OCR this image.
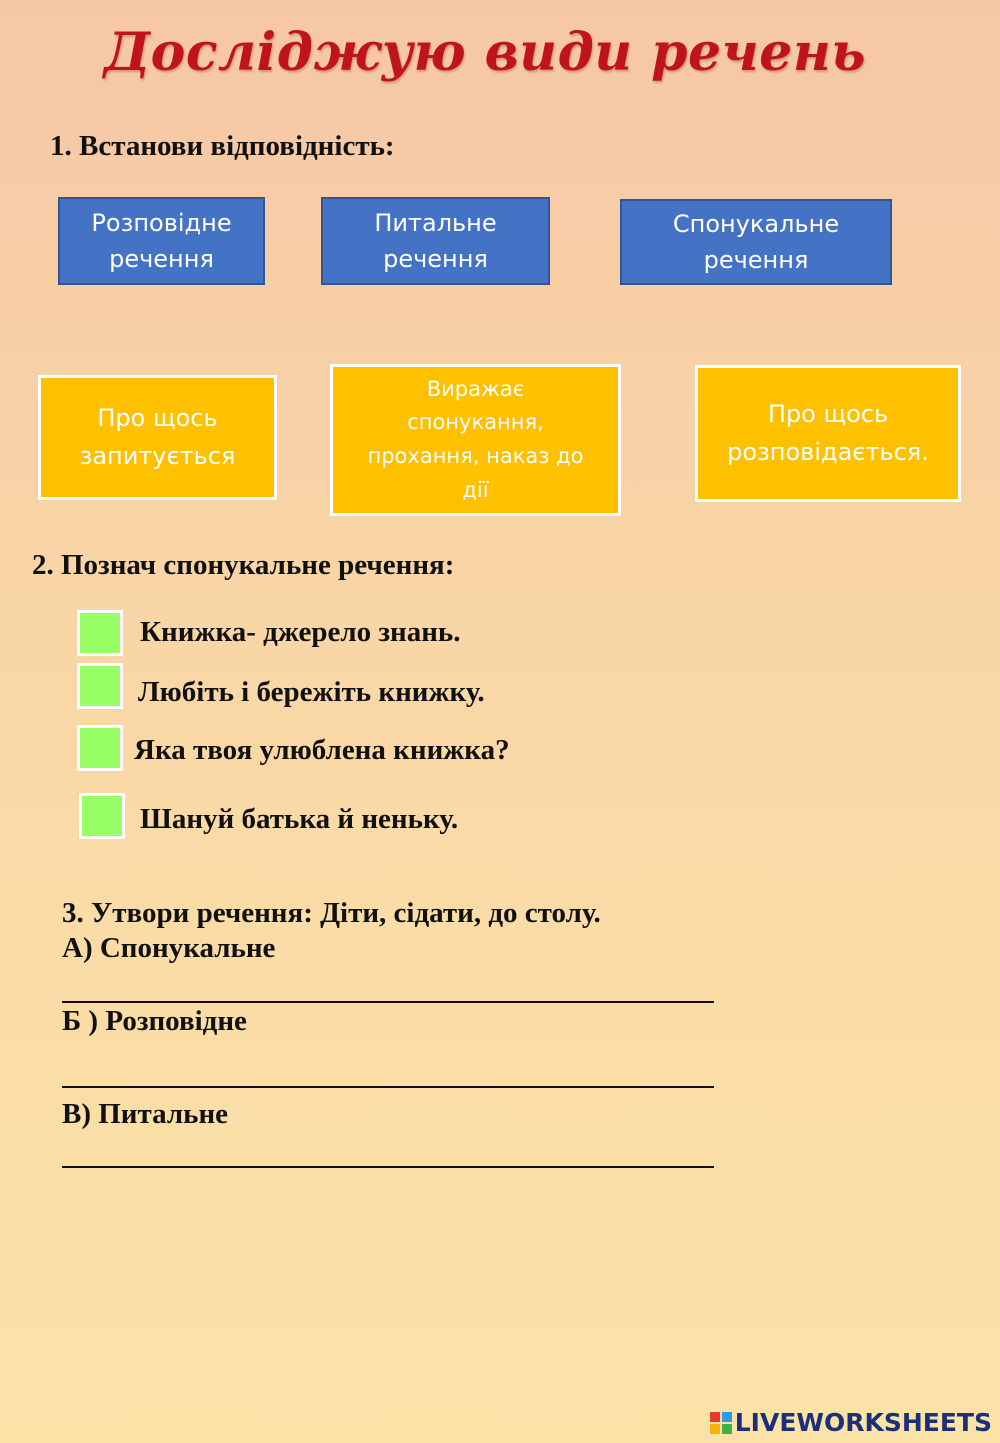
Досліджую види речень
1. Встанови відповідність:
Розповідне
речення
Питальне
речення
Спонукальне
речення
Про щось
запитується
Виражає
спонукання,
прохання, наказ до
дії
Про щось
розповідається.
2. Познач спонукальне речення:
Книжка- джерело знань.
Любіть і бережіть книжку.
Яка твоя улюблена книжка?
Шануй батька й неньку.
3. Утвори речення: Діти, сідати, до столу.
А) Спонукальне
Б ) Розповідне
В) Питальне
LIVEWORKSHEETS
